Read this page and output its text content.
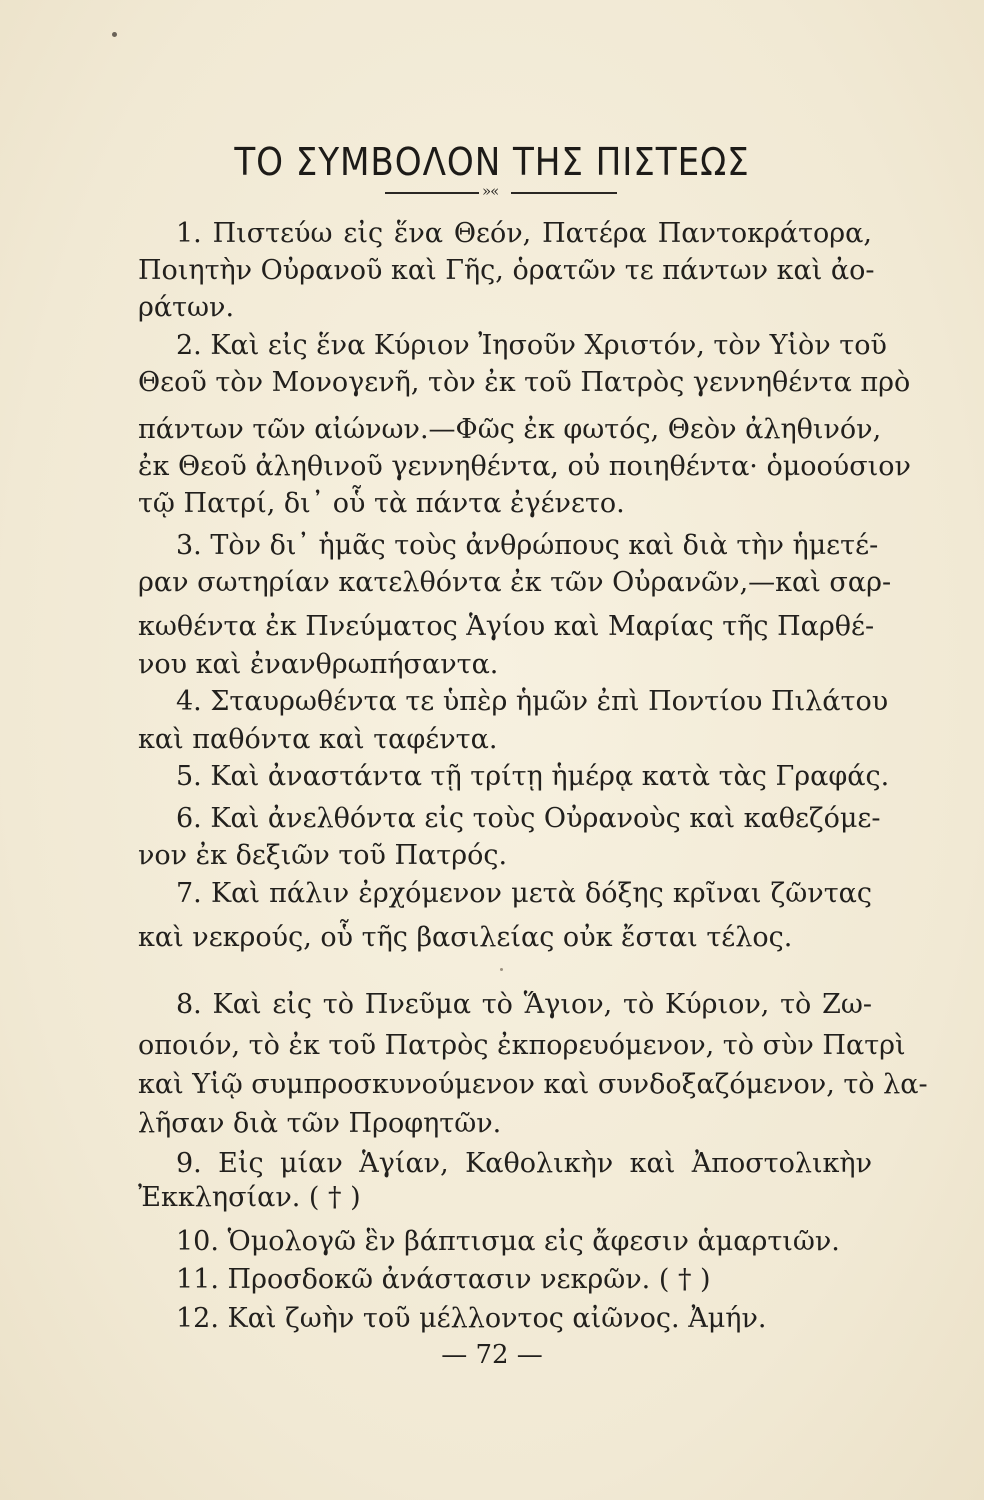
ΤΟ ΣΥΜΒΟΛΟΝ ΤΗΣ ΠΙΣΤΕΩΣ
»«
1. Πιστεύω εἰς ἕνα Θεόν, Πατέρα Παντοκράτορα,
Ποιητὴν Οὐρανοῦ καὶ Γῆς, ὁρατῶν τε πάντων καὶ ἀο-
ράτων.
2. Καὶ εἰς ἕνα Κύριον Ἰησοῦν Χριστόν, τὸν Υἱὸν τοῦ
Θεοῦ τὸν Μονογενῆ, τὸν ἐκ τοῦ Πατρὸς γεννηθέντα πρὸ
πάντων τῶν αἰώνων.—Φῶς ἐκ φωτός, Θεὸν ἀληθινόν,
ἐκ Θεοῦ ἀληθινοῦ γεννηθέντα, οὐ ποιηθέντα· ὁμοούσιον
τῷ Πατρί, δι᾽ οὗ τὰ πάντα ἐγένετο.
3. Τὸν δι᾽ ἡμᾶς τοὺς ἀνθρώπους καὶ διὰ τὴν ἡμετέ-
ραν σωτηρίαν κατελθόντα ἐκ τῶν Οὐρανῶν,—καὶ σαρ-
κωθέντα ἐκ Πνεύματος Ἁγίου καὶ Μαρίας τῆς Παρθέ-
νου καὶ ἐνανθρωπήσαντα.
4. Σταυρωθέντα τε ὑπὲρ ἡμῶν ἐπὶ Ποντίου Πιλάτου
καὶ παθόντα καὶ ταφέντα.
5. Καὶ ἀναστάντα τῇ τρίτῃ ἡμέρᾳ κατὰ τὰς Γραφάς.
6. Καὶ ἀνελθόντα εἰς τοὺς Οὐρανοὺς καὶ καθεζόμε-
νον ἐκ δεξιῶν τοῦ Πατρός.
7. Καὶ πάλιν ἐρχόμενον μετὰ δόξης κρῖναι ζῶντας
καὶ νεκρούς, οὗ τῆς βασιλείας οὐκ ἔσται τέλος.
8. Καὶ εἰς τὸ Πνεῦμα τὸ Ἅγιον, τὸ Κύριον, τὸ Ζω-
οποιόν, τὸ ἐκ τοῦ Πατρὸς ἐκπορευόμενον, τὸ σὺν Πατρὶ
καὶ Υἱῷ συμπροσκυνούμενον καὶ συνδοξαζόμενον, τὸ λα-
λῆσαν διὰ τῶν Προφητῶν.
9. Εἰς μίαν Ἁγίαν, Καθολικὴν καὶ Ἀποστολικὴν
Ἐκκλησίαν. ( † )
10. Ὁμολογῶ ἓν βάπτισμα εἰς ἄφεσιν ἁμαρτιῶν.
11. Προσδοκῶ ἀνάστασιν νεκρῶν. ( † )
12. Καὶ ζωὴν τοῦ μέλλοντος αἰῶνος. Ἀμήν.
— 72 —
